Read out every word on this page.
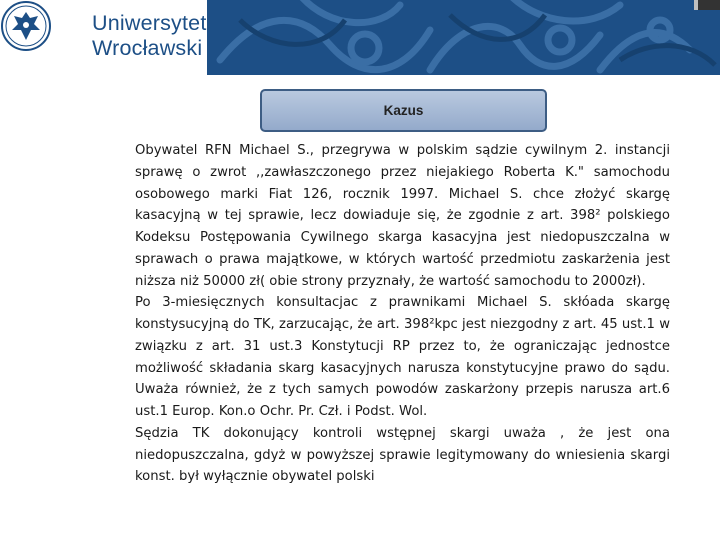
Uniwersytet
Wrocławski
Kazus

Obywatel RFN Michael S., przegrywa w polskim sądzie cywilnym 2. instancji sprawę o zwrot ,,zawłaszczonego przez niejakiego Roberta K." samochodu osobowego marki Fiat 126, rocznik 1997. Michael S. chce złożyć skargę kasacyjną w tej sprawie, lecz dowiaduje się, że zgodnie z art. 398² polskiego Kodeksu Postępowania Cywilnego skarga kasacyjna jest niedopuszczalna w sprawach o prawa majątkowe, w których wartość przedmiotu zaskarżenia jest niższa niż 50000 zł( obie strony przyznały, że wartość samochodu to 2000zł).

Po 3-miesięcznych konsultacjac z prawnikami Michael S. skłóada skargę konstysucyjną do TK, zarzucając, że art. 398²kpc jest niezgodny z art. 45 ust.1 w związku z art. 31 ust.3 Konstytucji RP przez to, że ograniczając jednostce możliwość składania skarg kasacyjnych narusza konstytucyjne prawo do sądu. Uważa również, że z tych samych powodów zaskarżony przepis narusza art.6 ust.1 Europ. Kon.o Ochr. Pr. Czł. i Podst. Wol.

Sędzia TK dokonujący kontroli wstępnej skargi uważa , że jest ona niedopuszczalna, gdyż w powyższej sprawie legitymowany do wniesienia skargi konst. był wyłącznie obywatel polski
